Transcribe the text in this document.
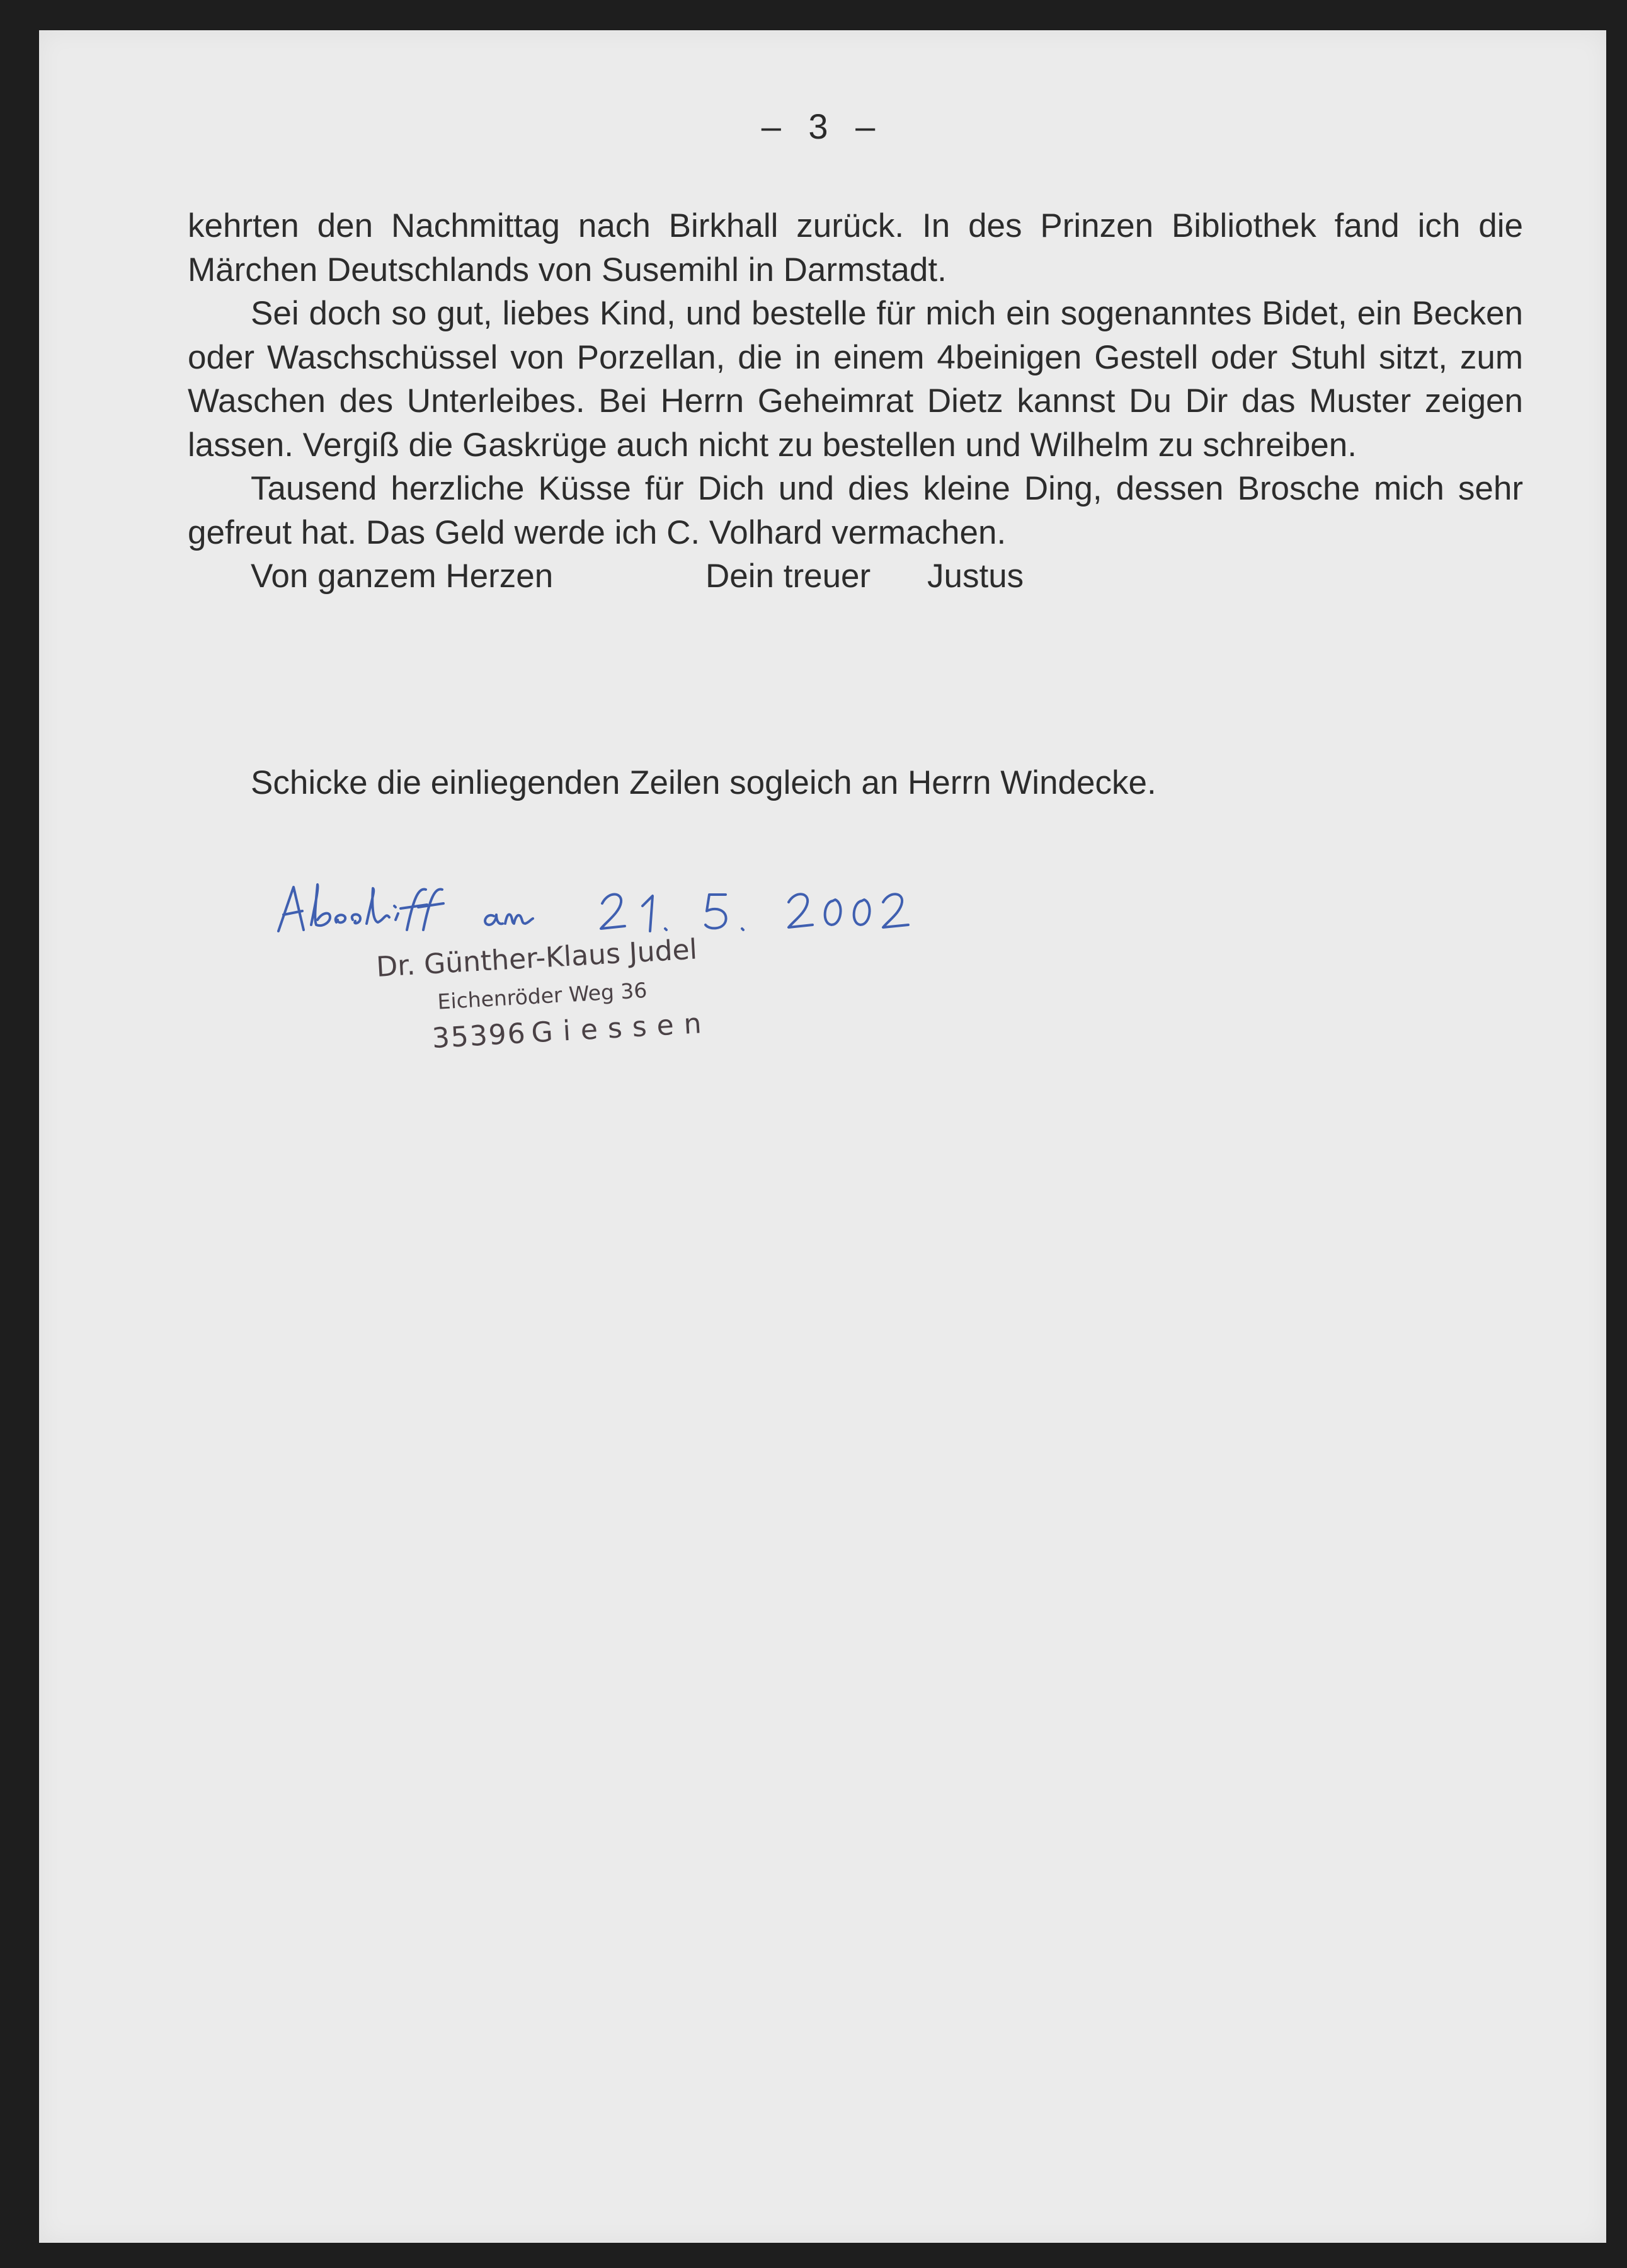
– 3 –

kehrten den Nachmittag nach Birkhall zurück. In des Prinzen Bibliothek fand ich die Märchen Deutschlands von Susemihl in Darmstadt.

Sei doch so gut, liebes Kind, und bestelle für mich ein sogenanntes Bidet, ein Becken oder Waschschüssel von Porzellan, die in einem 4beinigen Gestell oder Stuhl sitzt, zum Waschen des Unterleibes. Bei Herrn Geheimrat Dietz kannst Du Dir das Muster zeigen lassen. Vergiß die Gaskrüge auch nicht zu bestellen und Wilhelm zu schreiben.

Tausend herzliche Küsse für Dich und dies kleine Ding, dessen Brosche mich sehr gefreut hat. Das Geld werde ich C. Volhard vermachen.

Von ganzem Herzen	Dein treuer Justus
Schicke die einliegenden Zeilen sogleich an Herrn Windecke.
Dr. Günther-Klaus Judel
Eichenröder Weg 36
35396 Giessen
